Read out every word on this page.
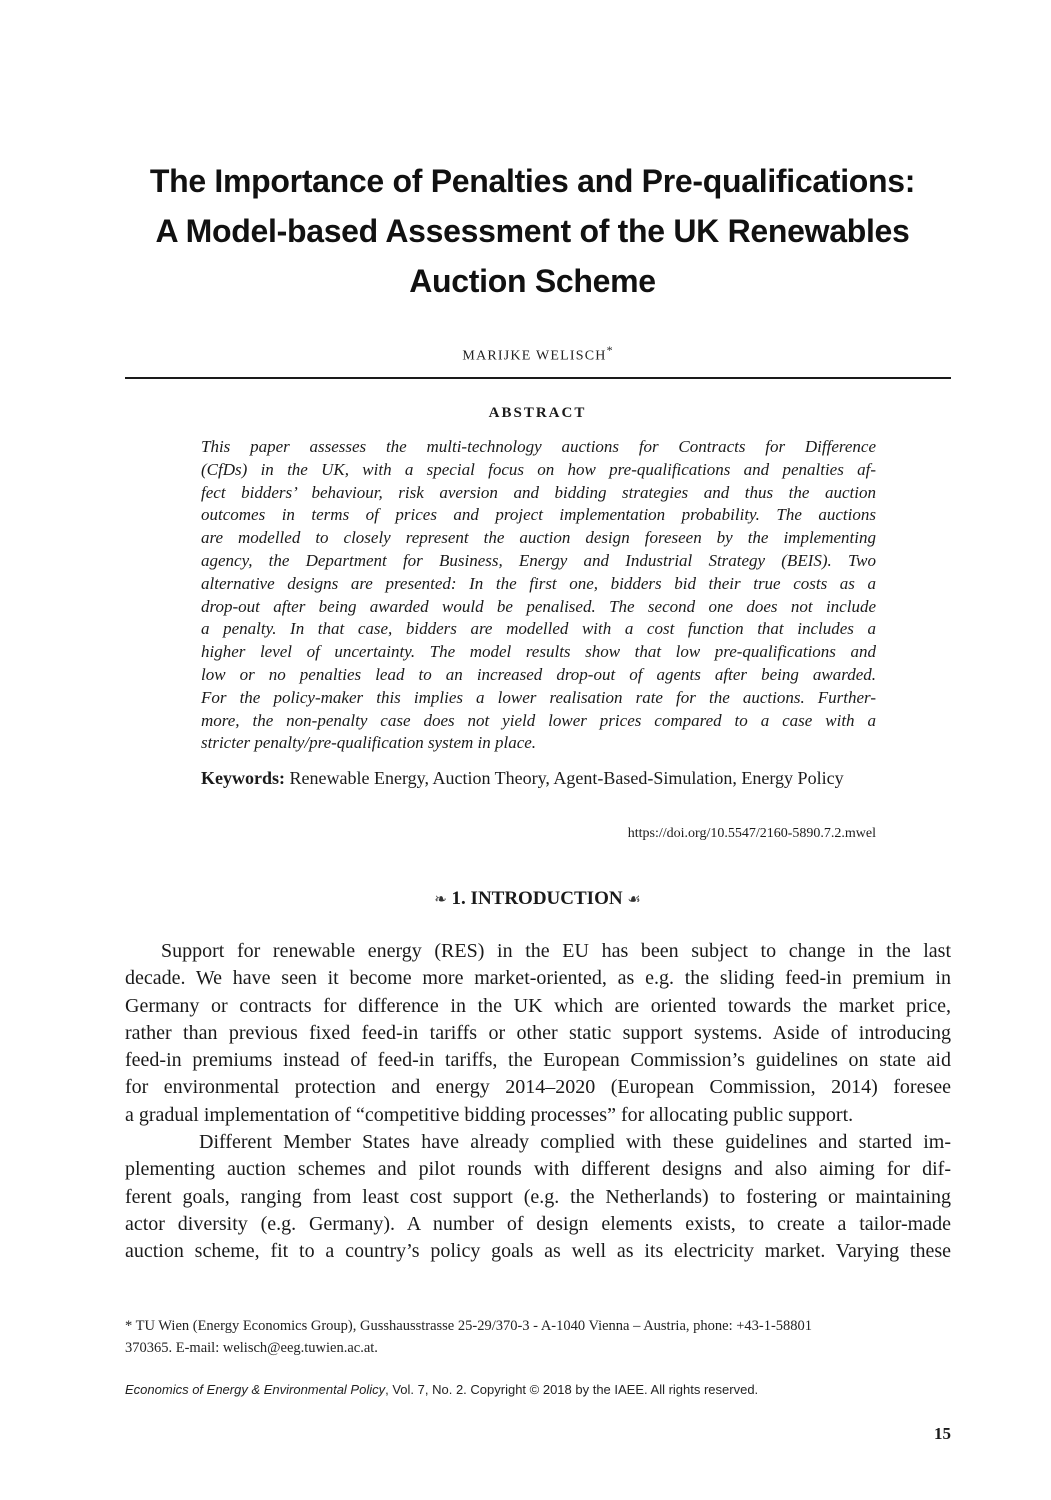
The Importance of Penalties and Pre-qualifications:
A Model-based Assessment of the UK Renewables
Auction Scheme
MARIJKE WELISCH*
ABSTRACT
This paper assesses the multi-technology auctions for Contracts for Difference
(CfDs) in the UK, with a special focus on how pre-qualifications and penalties af-
fect bidders’ behaviour, risk aversion and bidding strategies and thus the auction
outcomes in terms of prices and project implementation probability. The auctions
are modelled to closely represent the auction design foreseen by the implementing
agency, the Department for Business, Energy and Industrial Strategy (BEIS). Two
alternative designs are presented: In the first one, bidders bid their true costs as a
drop-out after being awarded would be penalised. The second one does not include
a penalty. In that case, bidders are modelled with a cost function that includes a
higher level of uncertainty. The model results show that low pre-qualifications and
low or no penalties lead to an increased drop-out of agents after being awarded.
For the policy-maker this implies a lower realisation rate for the auctions. Further-
more, the non-penalty case does not yield lower prices compared to a case with a
stricter penalty/pre-qualification system in place.
Keywords: Renewable Energy, Auction Theory, Agent-Based-Simulation, Energy Policy
https://doi.org/10.5547/2160-5890.7.2.mwel
❧ 1. INTRODUCTION ☙
Support for renewable energy (RES) in the EU has been subject to change in the last
decade. We have seen it become more market-oriented, as e.g. the sliding feed-in premium in
Germany or contracts for difference in the UK which are oriented towards the market price,
rather than previous fixed feed-in tariffs or other static support systems. Aside of introducing
feed-in premiums instead of feed-in tariffs, the European Commission’s guidelines on state aid
for environmental protection and energy 2014–2020 (European Commission, 2014) foresee
a gradual implementation of “competitive bidding processes” for allocating public support.
Different Member States have already complied with these guidelines and started im-
plementing auction schemes and pilot rounds with different designs and also aiming for dif-
ferent goals, ranging from least cost support (e.g. the Netherlands) to fostering or maintaining
actor diversity (e.g. Germany). A number of design elements exists, to create a tailor-made
auction scheme, fit to a country’s policy goals as well as its electricity market. Varying these
* TU Wien (Energy Economics Group), Gusshausstrasse 25-29/370-3 - A-1040 Vienna – Austria, phone: +43-1-58801
370365. E-mail: welisch@eeg.tuwien.ac.at.
Economics of Energy & Environmental Policy, Vol. 7, No. 2. Copyright © 2018 by the IAEE. All rights reserved.
15
